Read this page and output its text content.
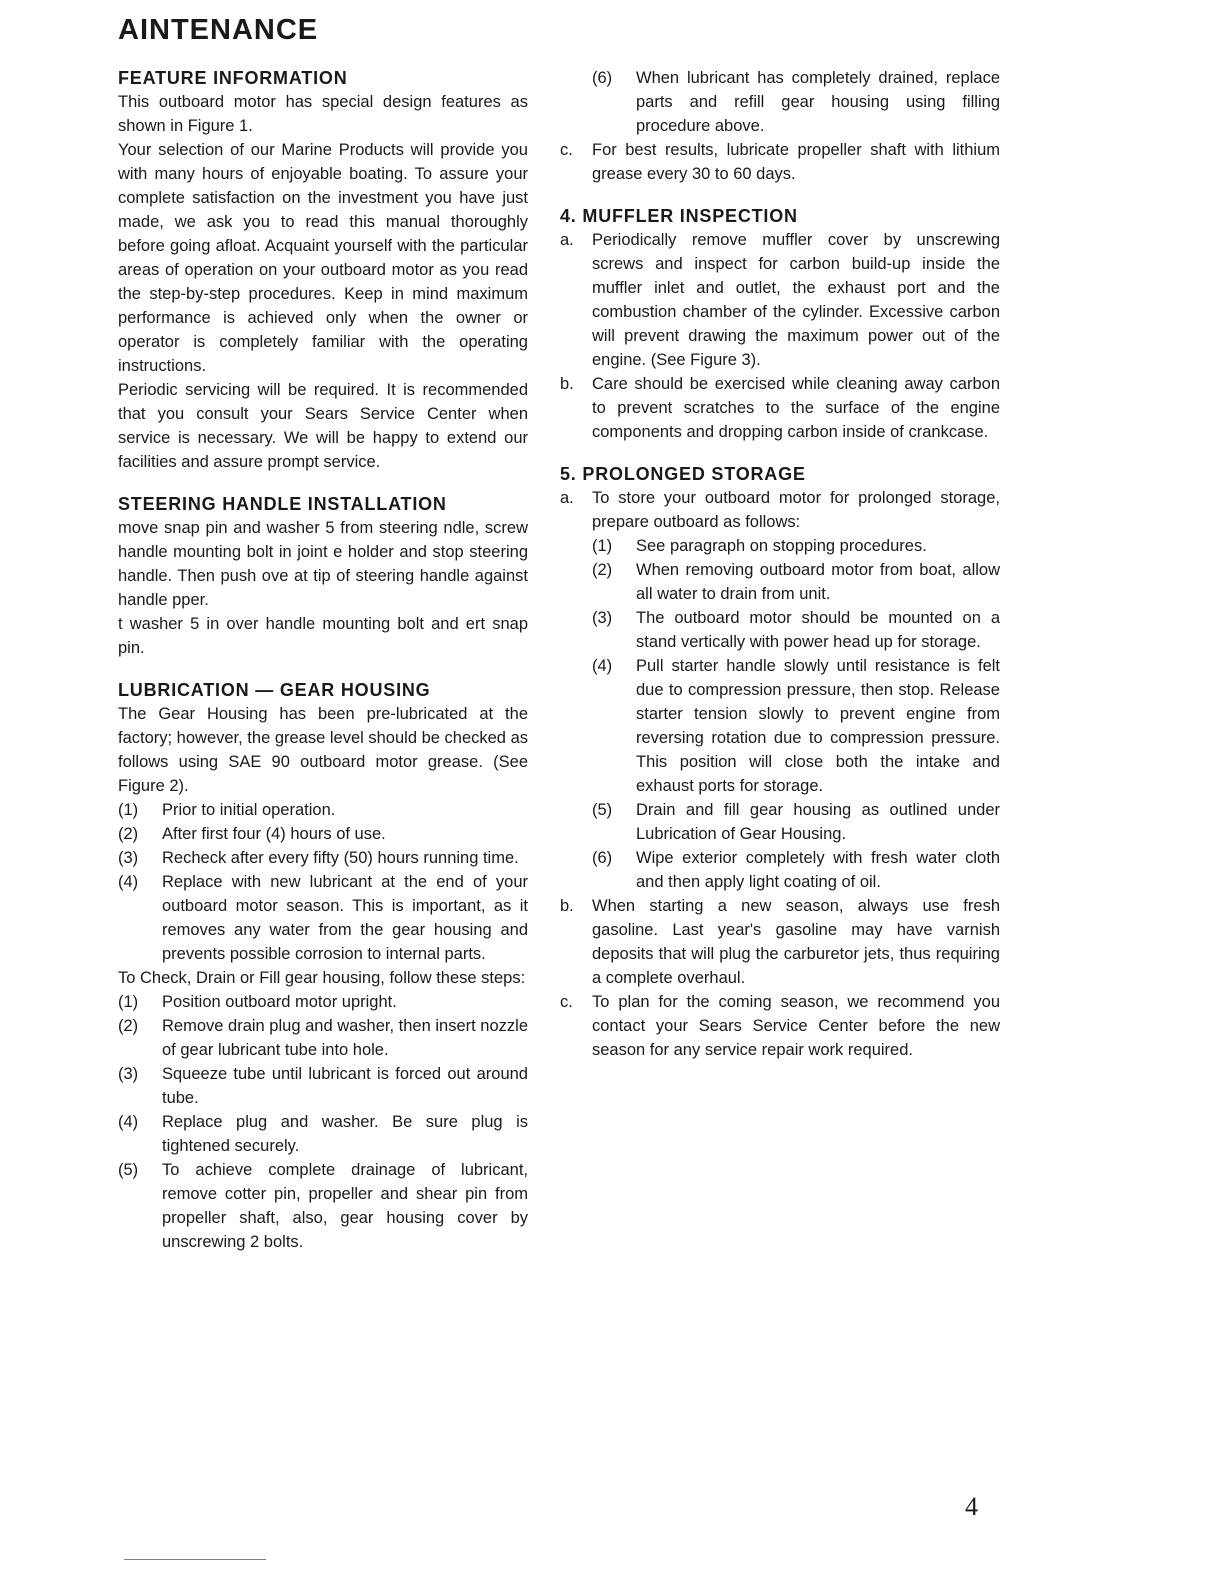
AINTENANCE
FEATURE INFORMATION

This outboard motor has special design features as shown in Figure 1.

Your selection of our Marine Products will provide you with many hours of enjoyable boating. To assure your complete satisfaction on the investment you have just made, we ask you to read this manual thoroughly before going afloat. Acquaint yourself with the particular areas of operation on your outboard motor as you read the step-by-step procedures. Keep in mind maximum performance is achieved only when the owner or operator is completely familiar with the operating instructions.

Periodic servicing will be required. It is recommended that you consult your Sears Service Center when service is necessary. We will be happy to extend our facilities and assure prompt service.

STEERING HANDLE INSTALLATION

move snap pin and washer 5 from steering ndle, screw handle mounting bolt in joint e holder and stop steering handle. Then push ove at tip of steering handle against handle pper.

t washer 5 in over handle mounting bolt and ert snap pin.

LUBRICATION — GEAR HOUSING

The Gear Housing has been pre-lubricated at the factory; however, the grease level should be checked as follows using SAE 90 outboard motor grease. (See Figure 2).

(1)	Prior to initial operation.
(2)	After first four (4) hours of use.
(3)	Recheck after every fifty (50) hours running time.
(4)	Replace with new lubricant at the end of your outboard motor season. This is important, as it removes any water from the gear housing and prevents possible corrosion to internal parts.

To Check, Drain or Fill gear housing, follow these steps:

(1)	Position outboard motor upright.
(2)	Remove drain plug and washer, then insert nozzle of gear lubricant tube into hole.
(3)	Squeeze tube until lubricant is forced out around tube.
(4)	Replace plug and washer. Be sure plug is tightened securely.
(5)	To achieve complete drainage of lubricant, remove cotter pin, propeller and shear pin from propeller shaft, also, gear housing cover by unscrewing 2 bolts.
(6)	When lubricant has completely drained, replace parts and refill gear housing using filling procedure above.
c.	For best results, lubricate propeller shaft with lithium grease every 30 to 60 days.
4. MUFFLER INSPECTION
a.	Periodically remove muffler cover by unscrewing screws and inspect for carbon build-up inside the muffler inlet and outlet, the exhaust port and the combustion chamber of the cylinder. Excessive carbon will prevent drawing the maximum power out of the engine. (See Figure 3).
b.	Care should be exercised while cleaning away carbon to prevent scratches to the surface of the engine components and dropping carbon inside of crankcase.
5. PROLONGED STORAGE
a.	To store your outboard motor for prolonged storage, prepare outboard as follows:
(1)	See paragraph on stopping procedures.
(2)	When removing outboard motor from boat, allow all water to drain from unit.
(3)	The outboard motor should be mounted on a stand vertically with power head up for storage.
(4)	Pull starter handle slowly until resistance is felt due to compression pressure, then stop. Release starter tension slowly to prevent engine from reversing rotation due to compression pressure. This position will close both the intake and exhaust ports for storage.
(5)	Drain and fill gear housing as outlined under Lubrication of Gear Housing.
(6)	Wipe exterior completely with fresh water cloth and then apply light coating of oil.
b.	When starting a new season, always use fresh gasoline. Last year's gasoline may have varnish deposits that will plug the carburetor jets, thus requiring a complete overhaul.
c.	To plan for the coming season, we recommend you contact your Sears Service Center before the new season for any service repair work required.
4
